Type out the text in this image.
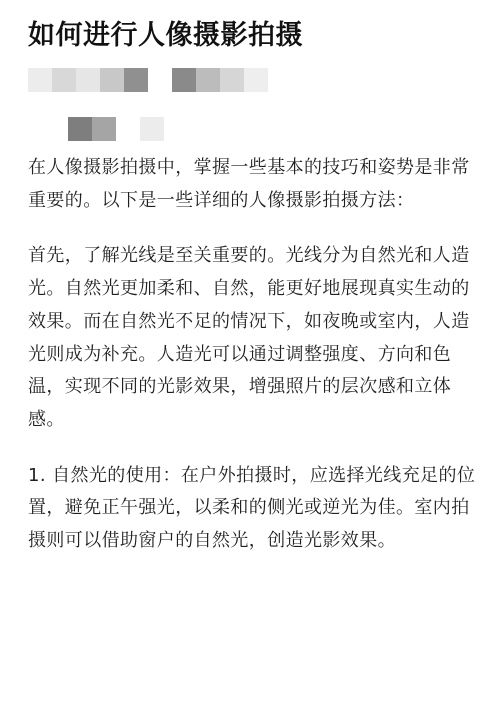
如何进行人像摄影拍摄

在人像摄影拍摄中，掌握一些基本的技巧和姿势是非常重要的。以下是一些详细的人像摄影拍摄方法：

首先，了解光线是至关重要的。光线分为自然光和人造光。自然光更加柔和、自然，能更好地展现真实生动的效果。而在自然光不足的情况下，如夜晚或室内，人造光则成为补充。人造光可以通过调整强度、方向和色温，实现不同的光影效果，增强照片的层次感和立体感。

1. 自然光的使用：在户外拍摄时，应选择光线充足的位置，避免正午强光，以柔和的侧光或逆光为佳。室内拍摄则可以借助窗户的自然光，创造光影效果。
